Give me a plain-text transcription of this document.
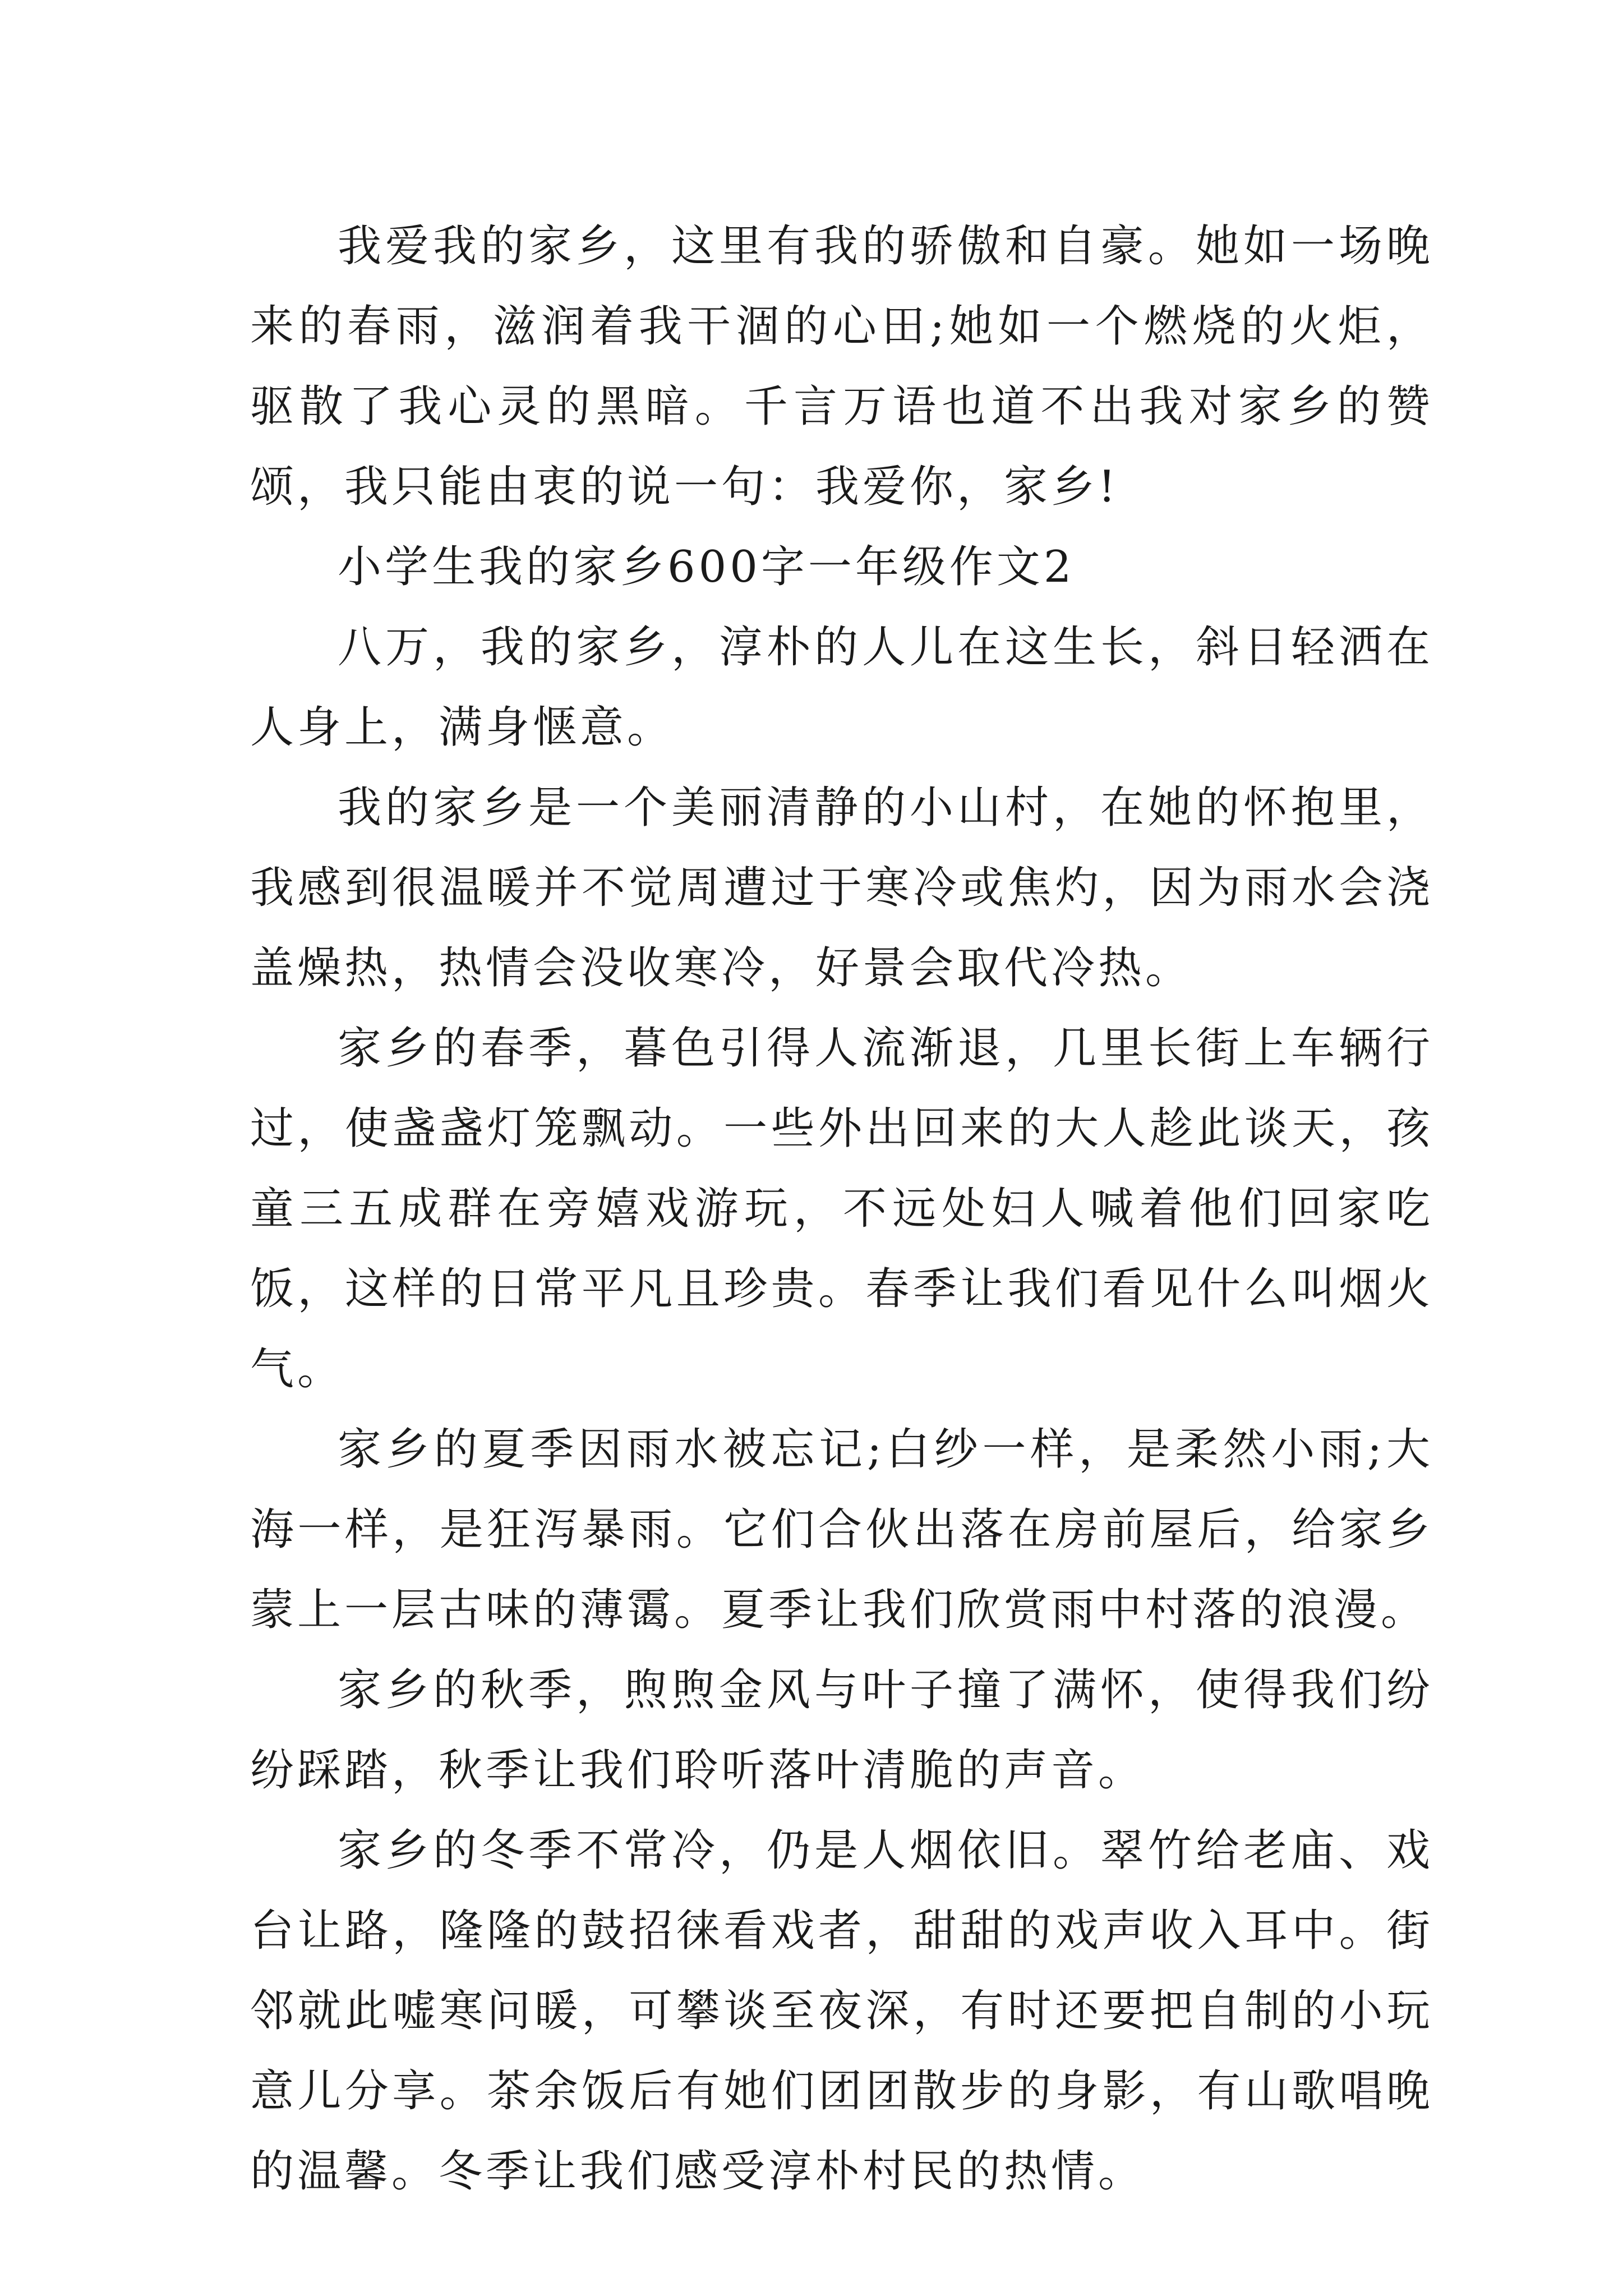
我爱我的家乡，这里有我的骄傲和自豪。她如一场晚来的春雨，滋润着我干涸的心田;她如一个燃烧的火炬，驱散了我心灵的黑暗。千言万语也道不出我对家乡的赞颂，我只能由衷的说一句：我爱你，家乡!

小学生我的家乡600字一年级作文2

八万，我的家乡，淳朴的人儿在这生长，斜日轻洒在人身上，满身惬意。

我的家乡是一个美丽清静的小山村，在她的怀抱里，我感到很温暖并不觉周遭过于寒冷或焦灼，因为雨水会浇盖燥热，热情会没收寒冷，好景会取代冷热。

家乡的春季，暮色引得人流渐退，几里长街上车辆行过，使盏盏灯笼飘动。一些外出回来的大人趁此谈天，孩童三五成群在旁嬉戏游玩，不远处妇人喊着他们回家吃饭，这样的日常平凡且珍贵。春季让我们看见什么叫烟火气。

家乡的夏季因雨水被忘记;白纱一样，是柔然小雨;大海一样，是狂泻暴雨。它们合伙出落在房前屋后，给家乡蒙上一层古味的薄霭。夏季让我们欣赏雨中村落的浪漫。

家乡的秋季，煦煦金风与叶子撞了满怀，使得我们纷纷踩踏，秋季让我们聆听落叶清脆的声音。

家乡的冬季不常冷，仍是人烟依旧。翠竹给老庙、戏台让路，隆隆的鼓招徕看戏者，甜甜的戏声收入耳中。街邻就此嘘寒问暖，可攀谈至夜深，有时还要把自制的小玩意儿分享。茶余饭后有她们团团散步的身影，有山歌唱晚的温馨。冬季让我们感受淳朴村民的热情。
